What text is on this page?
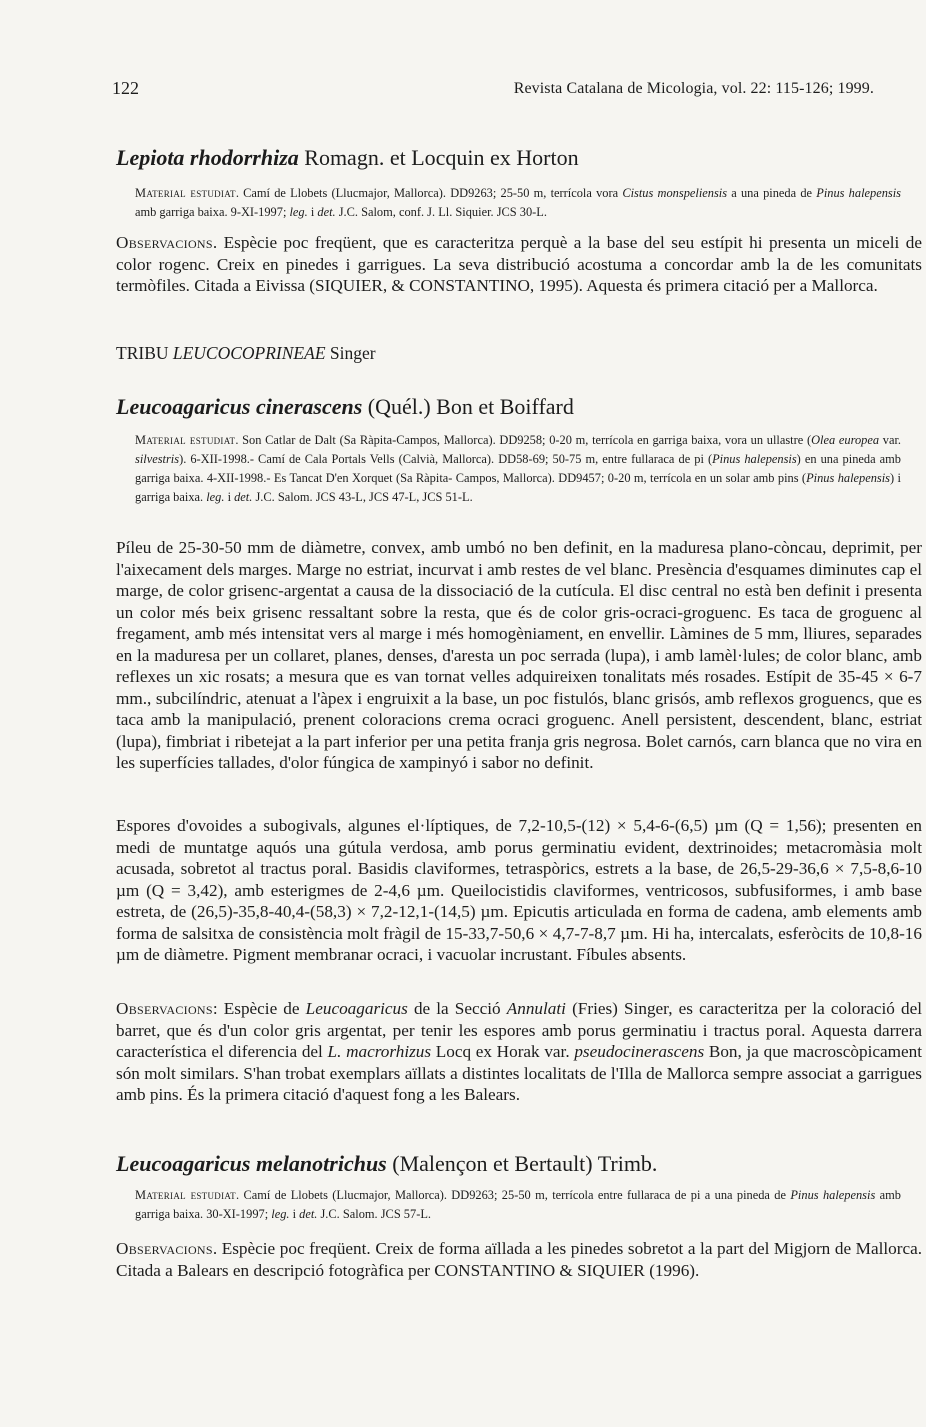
122	Revista Catalana de Micologia, vol. 22: 115-126; 1999.
Lepiota rhodorrhiza Romagn. et Locquin ex Horton
Material estudiat. Camí de Llobets (Llucmajor, Mallorca). DD9263; 25-50 m, terrícola vora Cistus monspeliensis a una pineda de Pinus halepensis amb garriga baixa. 9-XI-1997; leg. i det. J.C. Salom, conf. J. Ll. Siquier. JCS 30-L.

Observacions. Espècie poc freqüent, que es caracteritza perquè a la base del seu estípit hi presenta un miceli de color rogenc. Creix en pinedes i garrigues. La seva distribució acostuma a concordar amb la de les comunitats termòfiles. Citada a Eivissa (SIQUIER, & CONSTANTINO, 1995). Aquesta és primera citació per a Mallorca.

TRIBU LEUCOCOPRINEAE Singer
Leucoagaricus cinerascens (Quél.) Bon et Boiffard
Material estudiat. Son Catlar de Dalt (Sa Ràpita-Campos, Mallorca). DD9258; 0-20 m, terrícola en garriga baixa, vora un ullastre (Olea europea var. silvestris). 6-XII-1998.- Camí de Cala Portals Vells (Calvià, Mallorca). DD58-69; 50-75 m, entre fullaraca de pi (Pinus halepensis) en una pineda amb garriga baixa. 4-XII-1998.- Es Tancat D'en Xorquet (Sa Ràpita- Campos, Mallorca). DD9457; 0-20 m, terrícola en un solar amb pins (Pinus halepensis) i garriga baixa. leg. i det. J.C. Salom. JCS 43-L, JCS 47-L, JCS 51-L.

Píleu de 25-30-50 mm de diàmetre, convex, amb umbó no ben definit, en la maduresa plano-còncau, deprimit, per l'aixecament dels marges. Marge no estriat, incurvat i amb restes de vel blanc. Presència d'esquames diminutes cap el marge, de color grisenc-argentat a causa de la dissociació de la cutícula. El disc central no està ben definit i presenta un color més beix grisenc ressaltant sobre la resta, que és de color gris-ocraci-groguenc. Es taca de groguenc al fregament, amb més intensitat vers al marge i més homogèniament, en envellir. Làmines de 5 mm, lliures, separades en la maduresa per un collaret, planes, denses, d'aresta un poc serrada (lupa), i amb lamèl·lules; de color blanc, amb reflexes un xic rosats; a mesura que es van tornat velles adquireixen tonalitats més rosades. Estípit de 35-45 × 6-7 mm., subcilíndric, atenuat a l'àpex i engruixit a la base, un poc fistulós, blanc grisós, amb reflexos groguencs, que es taca amb la manipulació, prenent coloracions crema ocraci groguenc. Anell persistent, descendent, blanc, estriat (lupa), fimbriat i ribetejat a la part inferior per una petita franja gris negrosa. Bolet carnós, carn blanca que no vira en les superfícies tallades, d'olor fúngica de xampinyó i sabor no definit.

Espores d'ovoides a subogivals, algunes el·líptiques, de 7,2-10,5-(12) × 5,4-6-(6,5) µm (Q = 1,56); presenten en medi de muntatge aquós una gútula verdosa, amb porus germinatiu evident, dextrinoides; metacromàsia molt acusada, sobretot al tractus poral. Basidis claviformes, tetraspòrics, estrets a la base, de 26,5-29-36,6 × 7,5-8,6-10 µm (Q = 3,42), amb esterigmes de 2-4,6 µm. Queilocistidis claviformes, ventricosos, subfusiformes, i amb base estreta, de (26,5)-35,8-40,4-(58,3) × 7,2-12,1-(14,5) µm. Epicutis articulada en forma de cadena, amb elements amb forma de salsitxa de consistència molt fràgil de 15-33,7-50,6 × 4,7-7-8,7 µm. Hi ha, intercalats, esferòcits de 10,8-16 µm de diàmetre. Pigment membranar ocraci, i vacuolar incrustant. Fíbules absents.

Observacions: Espècie de Leucoagaricus de la Secció Annulati (Fries) Singer, es caracteritza per la coloració del barret, que és d'un color gris argentat, per tenir les espores amb porus germinatiu i tractus poral. Aquesta darrera característica el diferencia del L. macrorhizus Locq ex Horak var. pseudocinerascens Bon, ja que macroscòpicament són molt similars. S'han trobat exemplars aïllats a distintes localitats de l'Illa de Mallorca sempre associat a garrigues amb pins. És la primera citació d'aquest fong a les Balears.

Leucoagaricus melanotrichus (Malençon et Bertault) Trimb.
Material estudiat. Camí de Llobets (Llucmajor, Mallorca). DD9263; 25-50 m, terrícola entre fullaraca de pi a una pineda de Pinus halepensis amb garriga baixa. 30-XI-1997; leg. i det. J.C. Salom. JCS 57-L.

Observacions. Espècie poc freqüent. Creix de forma aïllada a les pinedes sobretot a la part del Migjorn de Mallorca. Citada a Balears en descripció fotogràfica per CONSTANTINO & SIQUIER (1996).
